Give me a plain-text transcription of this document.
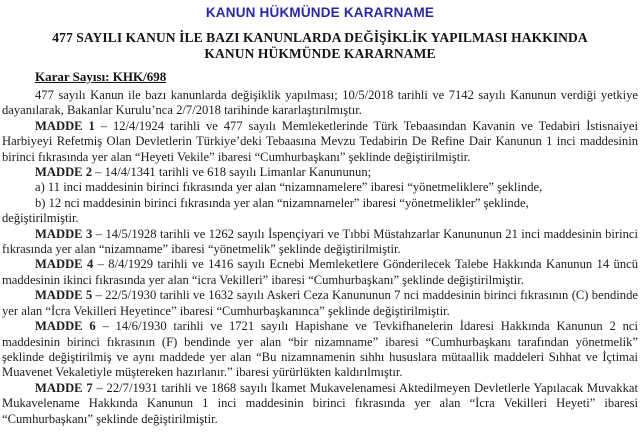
KANUN HÜKMÜNDE KARARNAME
477 SAYILI KANUN İLE BAZI KANUNLARDA DEĞİŞİKLİK YAPILMASI HAKKINDA
KANUN HÜKMÜNDE KARARNAME
Karar Sayısı: KHK/698

477 sayılı Kanun ile bazı kanunlarda değişiklik yapılması; 10/5/2018 tarihli ve 7142 sayılı Kanunun verdiği yetkiye dayanılarak, Bakanlar Kurulu’nca 2/7/2018 tarihinde kararlaştırılmıştır.

MADDE 1 – 12/4/1924 tarihli ve 477 sayılı Memleketlerinde Türk Tebaasından Kavanin ve Tedabiri İstisnaiyei Harbiyeyi Refetmiş Olan Devletlerin Türkiye’deki Tebaasına Mevzu Tedabirin De Refine Dair Kanunun 1 inci maddesinin birinci fıkrasında yer alan “Heyeti Vekile” ibaresi “Cumhurbaşkanı” şeklinde değiştirilmiştir.

MADDE 2 – 14/4/1341 tarihli ve 618 sayılı Limanlar Kanununun;

a) 11 inci maddesinin birinci fıkrasında yer alan “nizamnamelere” ibaresi “yönetmeliklere” şeklinde,

b) 12 nci maddesinin birinci fıkrasında yer alan “nizamnameler” ibaresi “yönetmelikler” şeklinde,

değiştirilmiştir.

MADDE 3 – 14/5/1928 tarihli ve 1262 sayılı İspençiyari ve Tıbbi Müstahzarlar Kanununun 21 inci maddesinin birinci fıkrasında yer alan “nizamname” ibaresi “yönetmelik” şeklinde değiştirilmiştir.

MADDE 4 – 8/4/1929 tarihli ve 1416 sayılı Ecnebi Memleketlere Gönderilecek Talebe Hakkında Kanunun 14 üncü maddesinin ikinci fıkrasında yer alan “icra Vekilleri” ibaresi “Cumhurbaşkanı” şeklinde değiştirilmiştir.

MADDE 5 – 22/5/1930 tarihli ve 1632 sayılı Askeri Ceza Kanununun 7 nci maddesinin birinci fıkrasının (C) bendinde yer alan “İcra Vekilleri Heyetince” ibaresi “Cumhurbaşkanınca” şeklinde değiştirilmiştir.

MADDE 6 – 14/6/1930 tarihli ve 1721 sayılı Hapishane ve Tevkifhanelerin İdaresi Hakkında Kanunun 2 nci maddesinin birinci fıkrasının (F) bendinde yer alan “bir nizamname” ibaresi “Cumhurbaşkanı tarafından yönetmelik” şeklinde değiştirilmiş ve aynı maddede yer alan “Bu nizamnamenin sıhhı hususlara mütaallik maddeleri Sıhhat ve İçtimai Muavenet Vekaletiyle müştereken hazırlanır.” ibaresi yürürlükten kaldırılmıştır.

MADDE 7 – 22/7/1931 tarihli ve 1868 sayılı İkamet Mukavelenamesi Aktedilmeyen Devletlerle Yapılacak Muvakkat Mukavelename Hakkında Kanunun 1 inci maddesinin birinci fıkrasında yer alan “İcra Vekilleri Heyeti” ibaresi “Cumhurbaşkanı” şeklinde değiştirilmiştir.
